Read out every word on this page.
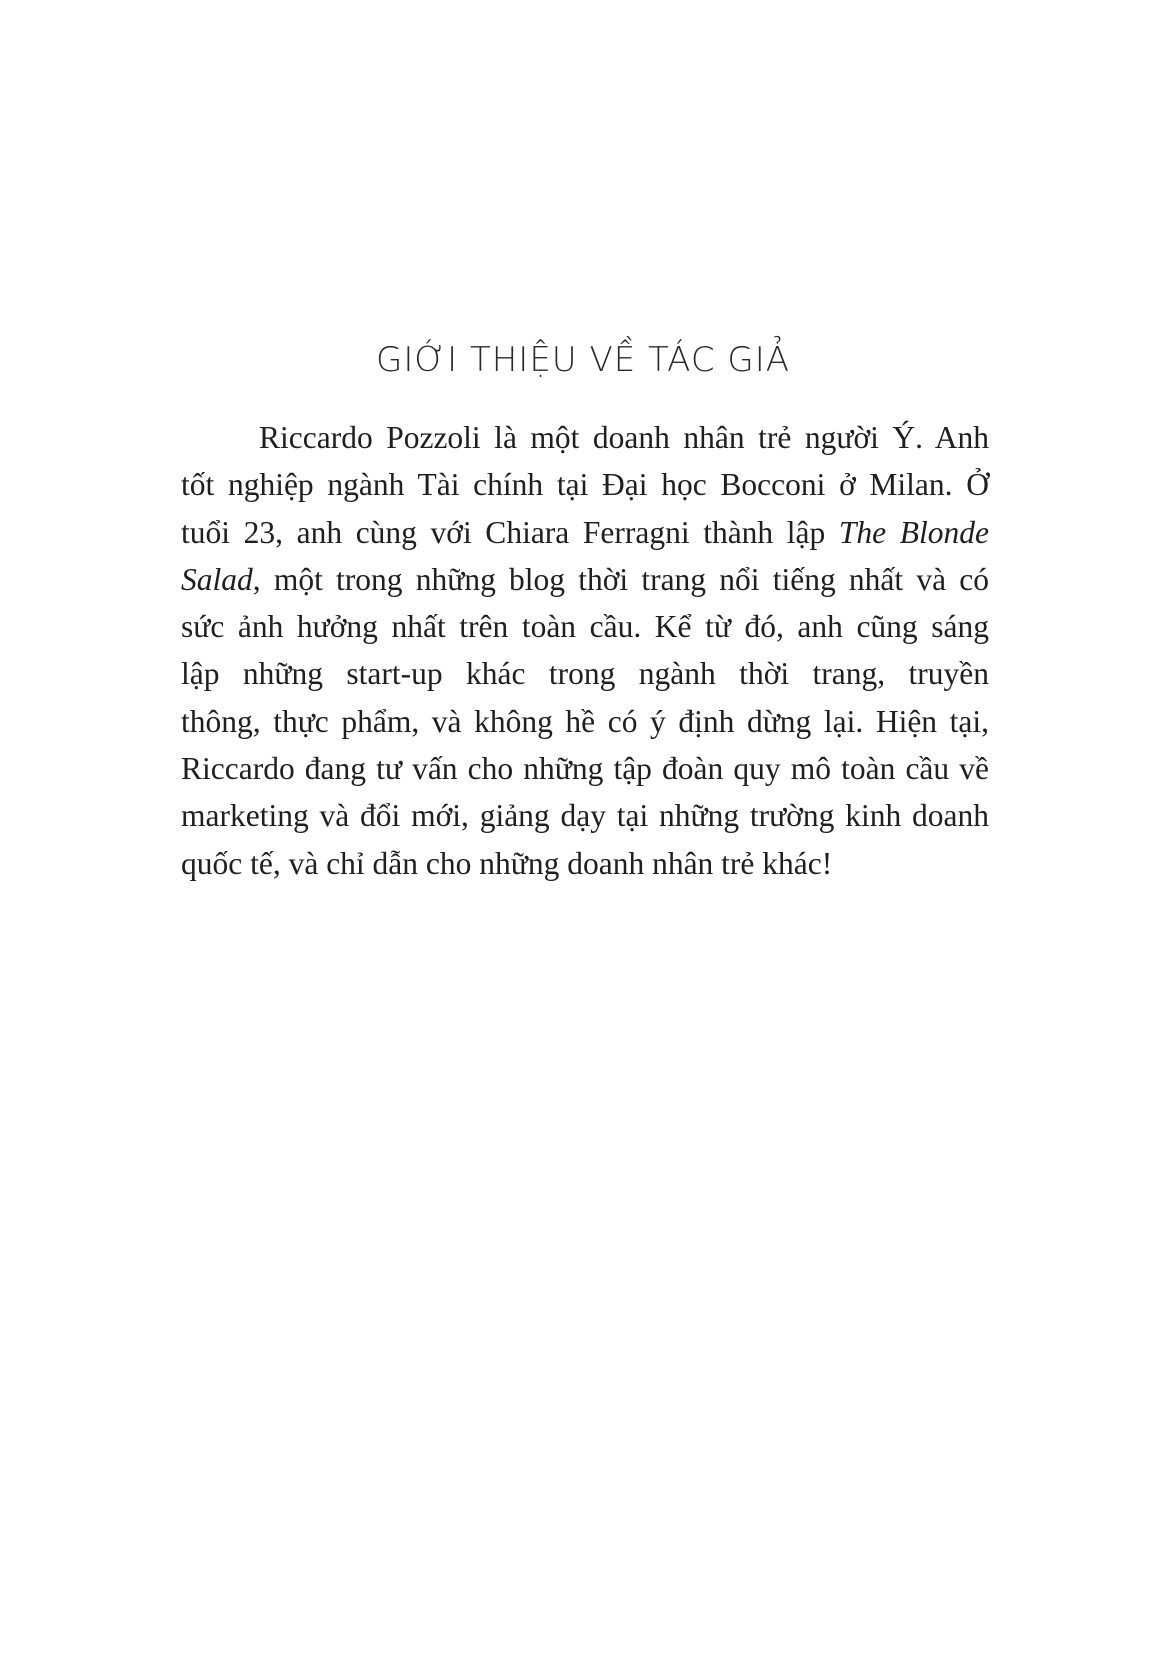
GIỚI THIỆU VỀ TÁC GIẢ
Riccardo Pozzoli là một doanh nhân trẻ người Ý. Anh
tốt nghiệp ngành Tài chính tại Đại học Bocconi ở Milan. Ở
tuổi 23, anh cùng với Chiara Ferragni thành lập The Blonde
Salad, một trong những blog thời trang nổi tiếng nhất và có
sức ảnh hưởng nhất trên toàn cầu. Kể từ đó, anh cũng sáng
lập những start-up khác trong ngành thời trang, truyền
thông, thực phẩm, và không hề có ý định dừng lại. Hiện tại,
Riccardo đang tư vấn cho những tập đoàn quy mô toàn cầu về
marketing và đổi mới, giảng dạy tại những trường kinh doanh
quốc tế, và chỉ dẫn cho những doanh nhân trẻ khác!
